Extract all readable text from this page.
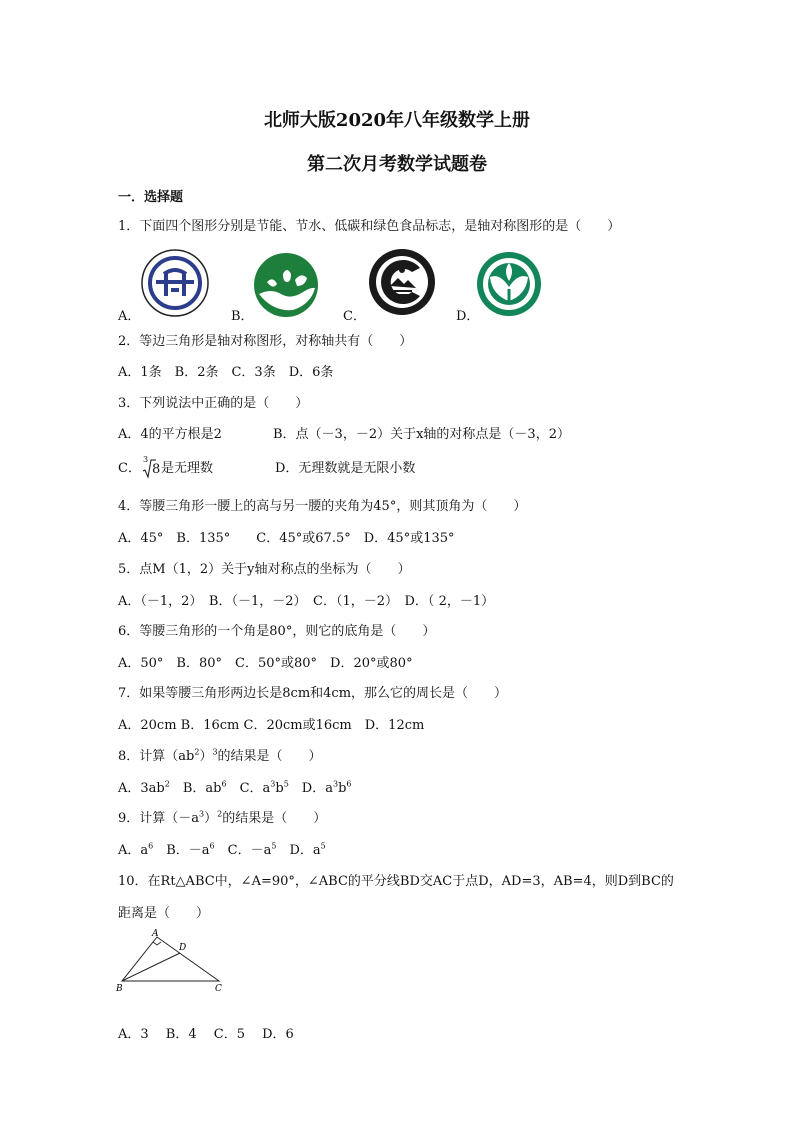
北师大版2020年八年级数学上册
第二次月考数学试题卷
一．选择题
1．下面四个图形分别是节能、节水、低碳和绿色食品标志，是轴对称图形的是（　　）
A．	B．	C．	D．
2．等边三角形是轴对称图形，对称轴共有（　　）
A．1条　B．2条　C．3条　D．6条
3．下列说法中正确的是（　　）
A．4的平方根是2	B．点（－3，－2）关于x轴的对称点是（－3，2）
C．
3
8 是无理数	D．无理数就是无限小数
4．等腰三角形一腰上的高与另一腰的夹角为45°，则其顶角为（　　）
A．45°　B．135°　　C．45°或67.5°　D．45°或135°
5．点M（1，2）关于y轴对称点的坐标为（　　）
A．（－1，2）　B．（－1，－2）　C．（1，－2）　D．（ 2，－1）
6．等腰三角形的一个角是80°，则它的底角是（　　）
A．50°　B．80°　C．50°或80°　D．20°或80°
7．如果等腰三角形两边长是8cm和4cm，那么它的周长是（　　）
A．20cm B．16cm C．20cm或16cm　D．12cm
8．计算$(ab^2)^3$的结果是（　　）
A．$3ab^2$　B．$ab^6$　C．$a^3b^5$　D．$a^3b^6$
9．计算$(-a^3)^2$的结果是（　　）
A．$a^6$　B．$-a^6$　C．$-a^5$　D．$a^5$
10．在Rt△ABC中，∠A=90°，∠ABC的平分线BD交AC于点D，AD=3，AB=4，则D到BC的
距离是（　　）
A
D
B	C
A．3　 B．4　 C．5　 D．6
